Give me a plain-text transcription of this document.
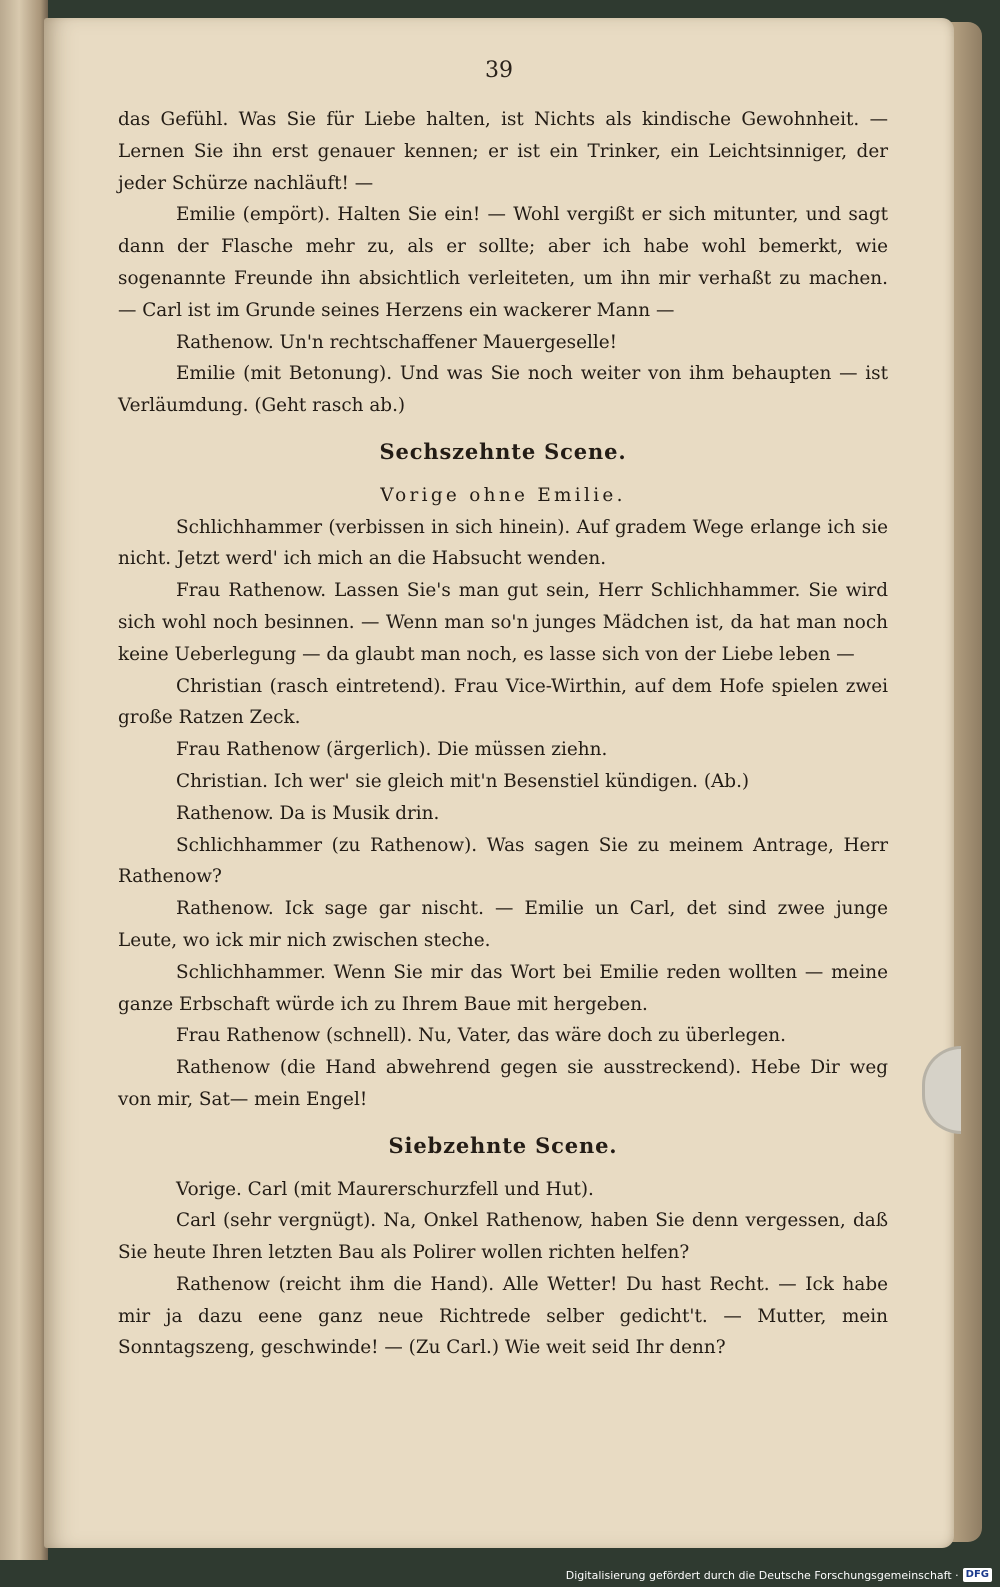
39

das Gefühl. Was Sie für Liebe halten, ist Nichts als kindische Gewohnheit. — Lernen Sie ihn erst genauer kennen; er ist ein Trinker, ein Leichtsinniger, der jeder Schürze nachläuft! —

Emilie (empört). Halten Sie ein! — Wohl vergißt er sich mitunter, und sagt dann der Flasche mehr zu, als er sollte; aber ich habe wohl bemerkt, wie sogenannte Freunde ihn absichtlich verleiteten, um ihn mir verhaßt zu machen. — Carl ist im Grunde seines Herzens ein wackerer Mann —

Rathenow. Un'n rechtschaffener Mauergeselle!

Emilie (mit Betonung). Und was Sie noch weiter von ihm behaupten — ist Verläumdung. (Geht rasch ab.)

Sechszehnte Scene.

Vorige ohne Emilie.

Schlichhammer (verbissen in sich hinein). Auf gradem Wege erlange ich sie nicht. Jetzt werd' ich mich an die Habsucht wenden.

Frau Rathenow. Lassen Sie's man gut sein, Herr Schlichhammer. Sie wird sich wohl noch besinnen. — Wenn man so'n junges Mädchen ist, da hat man noch keine Ueberlegung — da glaubt man noch, es lasse sich von der Liebe leben —

Christian (rasch eintretend). Frau Vice-Wirthin, auf dem Hofe spielen zwei große Ratzen Zeck.

Frau Rathenow (ärgerlich). Die müssen ziehn.

Christian. Ich wer' sie gleich mit'n Besenstiel kündigen. (Ab.)

Rathenow. Da is Musik drin.

Schlichhammer (zu Rathenow). Was sagen Sie zu meinem Antrage, Herr Rathenow?

Rathenow. Ick sage gar nischt. — Emilie un Carl, det sind zwee junge Leute, wo ick mir nich zwischen steche.

Schlichhammer. Wenn Sie mir das Wort bei Emilie reden wollten — meine ganze Erbschaft würde ich zu Ihrem Baue mit hergeben.

Frau Rathenow (schnell). Nu, Vater, das wäre doch zu überlegen.

Rathenow (die Hand abwehrend gegen sie ausstreckend). Hebe Dir weg von mir, Sat— mein Engel!

Siebzehnte Scene.

Vorige. Carl (mit Maurerschurzfell und Hut).

Carl (sehr vergnügt). Na, Onkel Rathenow, haben Sie denn vergessen, daß Sie heute Ihren letzten Bau als Polirer wollen richten helfen?

Rathenow (reicht ihm die Hand). Alle Wetter! Du hast Recht. — Ick habe mir ja dazu eene ganz neue Richtrede selber gedicht't. — Mutter, mein Sonntagszeng, geschwinde! — (Zu Carl.) Wie weit seid Ihr denn?

Digitalisierung gefördert durch die Deutsche Forschungsgemeinschaft · DFG
